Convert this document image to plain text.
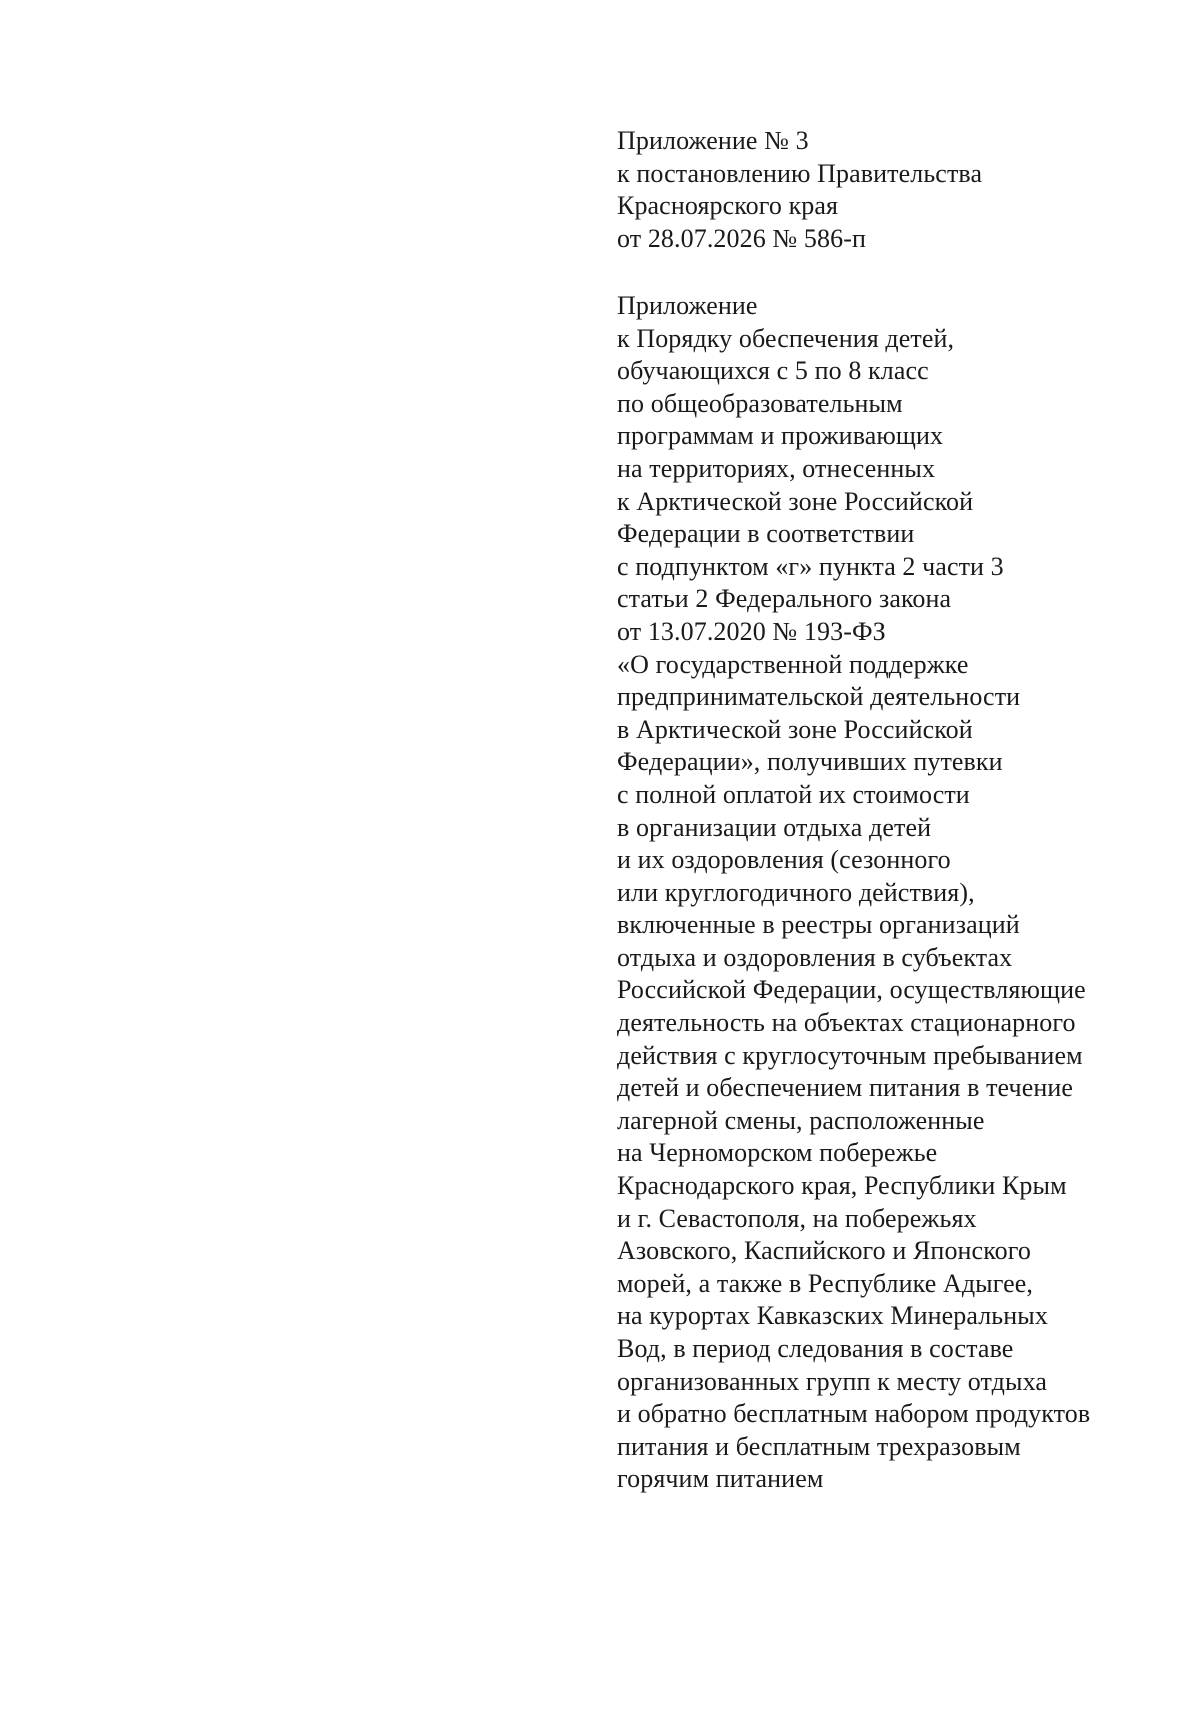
Приложение № 3
к постановлению Правительства
Красноярского края
от 28.07.2026 № 586-п
Приложение
к Порядку обеспечения детей,
обучающихся с 5 по 8 класс
по общеобразовательным
программам и проживающих
на территориях, отнесенных
к Арктической зоне Российской
Федерации в соответствии
с подпунктом «г» пункта 2 части 3
статьи 2 Федерального закона
от 13.07.2020 № 193-ФЗ
«О государственной поддержке
предпринимательской деятельности
в Арктической зоне Российской
Федерации», получивших путевки
с полной оплатой их стоимости
в организации отдыха детей
и их оздоровления (сезонного
или круглогодичного действия),
включенные в реестры организаций
отдыха и оздоровления в субъектах
Российской Федерации, осуществляющие
деятельность на объектах стационарного
действия с круглосуточным пребыванием
детей и обеспечением питания в течение
лагерной смены, расположенные
на Черноморском побережье
Краснодарского края, Республики Крым
и г. Севастополя, на побережьях
Азовского, Каспийского и Японского
морей, а также в Республике Адыгее,
на курортах Кавказских Минеральных
Вод, в период следования в составе
организованных групп к месту отдыха
и обратно бесплатным набором продуктов
питания и бесплатным трехразовым
горячим питанием
